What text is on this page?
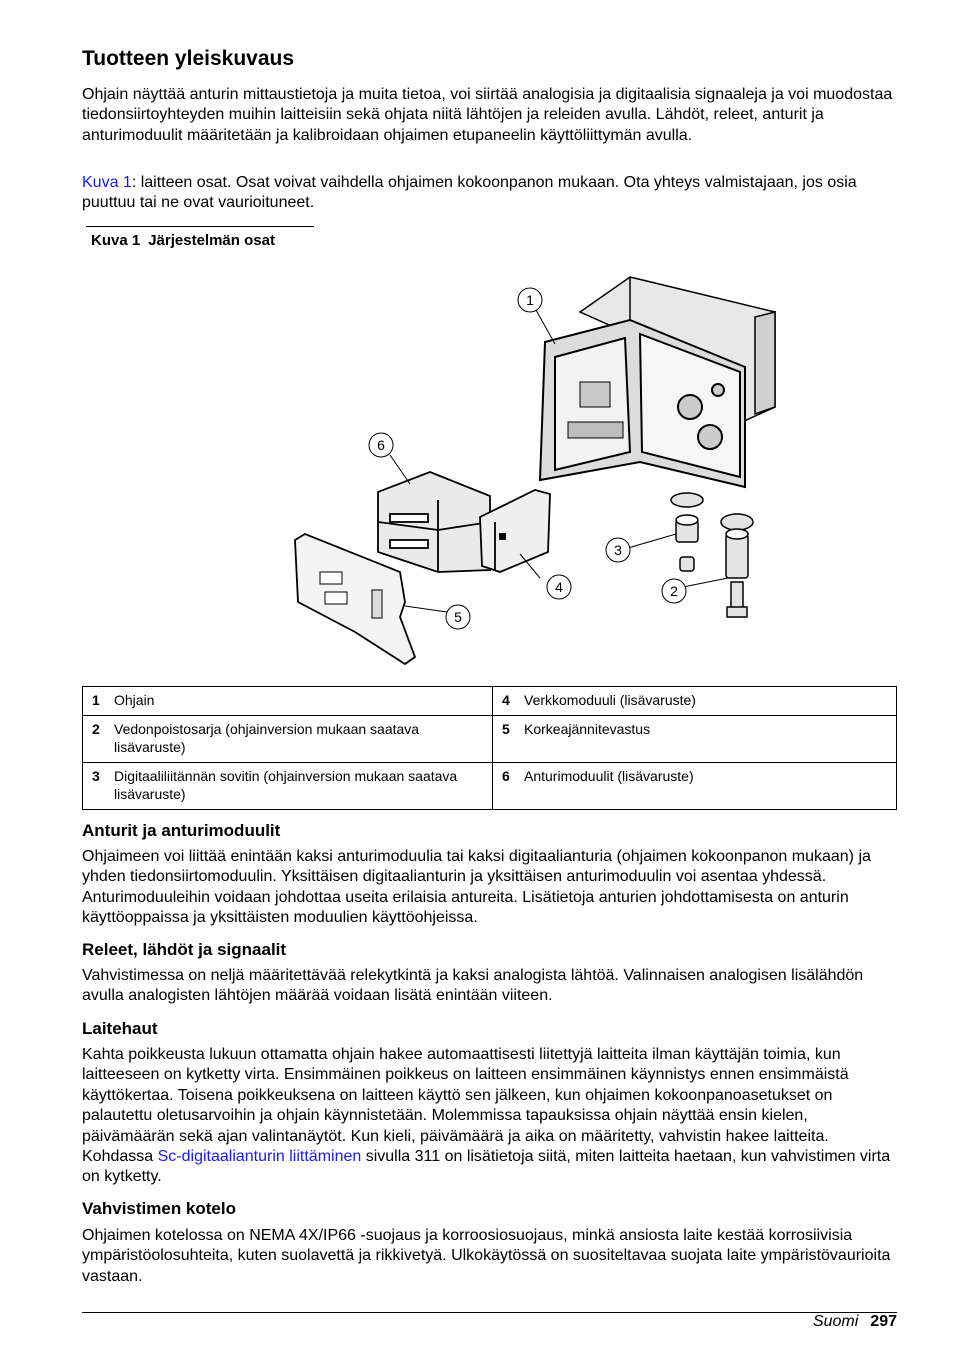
Tuotteen yleiskuvaus

Ohjain näyttää anturin mittaustietoja ja muita tietoa, voi siirtää analogisia ja digitaalisia signaaleja ja voi muodostaa tiedonsiirtoyhteyden muihin laitteisiin sekä ohjata niitä lähtöjen ja releiden avulla. Lähdöt, releet, anturit ja anturimoduulit määritetään ja kalibroidaan ohjaimen etupaneelin käyttöliittymän avulla.

Kuva 1: laitteen osat. Osat voivat vaihdella ohjaimen kokoonpanon mukaan. Ota yhteys valmistajaan, jos osia puuttuu tai ne ovat vaurioituneet.

Kuva 1 Järjestelmän osat
1
2
3
4
5
6
1 Ohjain	4 Verkkomoduuli (lisävaruste)
2 Vedonpoistosarja (ohjainversion mukaan saatava lisävaruste)	5 Korkeajännitevastus
3 Digitaaliliitännän sovitin (ohjainversion mukaan saatava lisävaruste)	6 Anturimoduulit (lisävaruste)
Anturit ja anturimoduulit

Ohjaimeen voi liittää enintään kaksi anturimoduulia tai kaksi digitaalianturia (ohjaimen kokoonpanon mukaan) ja yhden tiedonsiirtomoduulin. Yksittäisen digitaalianturin ja yksittäisen anturimoduulin voi asentaa yhdessä. Anturimoduuleihin voidaan johdottaa useita erilaisia antureita. Lisätietoja anturien johdottamisesta on anturin käyttöoppaissa ja yksittäisten moduulien käyttöohjeissa.

Releet, lähdöt ja signaalit

Vahvistimessa on neljä määritettävää relekytkintä ja kaksi analogista lähtöä. Valinnaisen analogisen lisälähdön avulla analogisten lähtöjen määrää voidaan lisätä enintään viiteen.

Laitehaut

Kahta poikkeusta lukuun ottamatta ohjain hakee automaattisesti liitettyjä laitteita ilman käyttäjän toimia, kun laitteeseen on kytketty virta. Ensimmäinen poikkeus on laitteen ensimmäinen käynnistys ennen ensimmäistä käyttökertaa. Toisena poikkeuksena on laitteen käyttö sen jälkeen, kun ohjaimen kokoonpanoasetukset on palautettu oletusarvoihin ja ohjain käynnistetään. Molemmissa tapauksissa ohjain näyttää ensin kielen, päivämäärän sekä ajan valintanäytöt. Kun kieli, päivämäärä ja aika on määritetty, vahvistin hakee laitteita. Kohdassa Sc-digitaalianturin liittäminen sivulla 311 on lisätietoja siitä, miten laitteita haetaan, kun vahvistimen virta on kytketty.

Vahvistimen kotelo

Ohjaimen kotelossa on NEMA 4X/IP66 -suojaus ja korroosiosuojaus, minkä ansiosta laite kestää korrosiivisia ympäristöolosuhteita, kuten suolavettä ja rikkivetyä. Ulkokäytössä on suositeltavaa suojata laite ympäristövaurioita vastaan.

Suomi 297
